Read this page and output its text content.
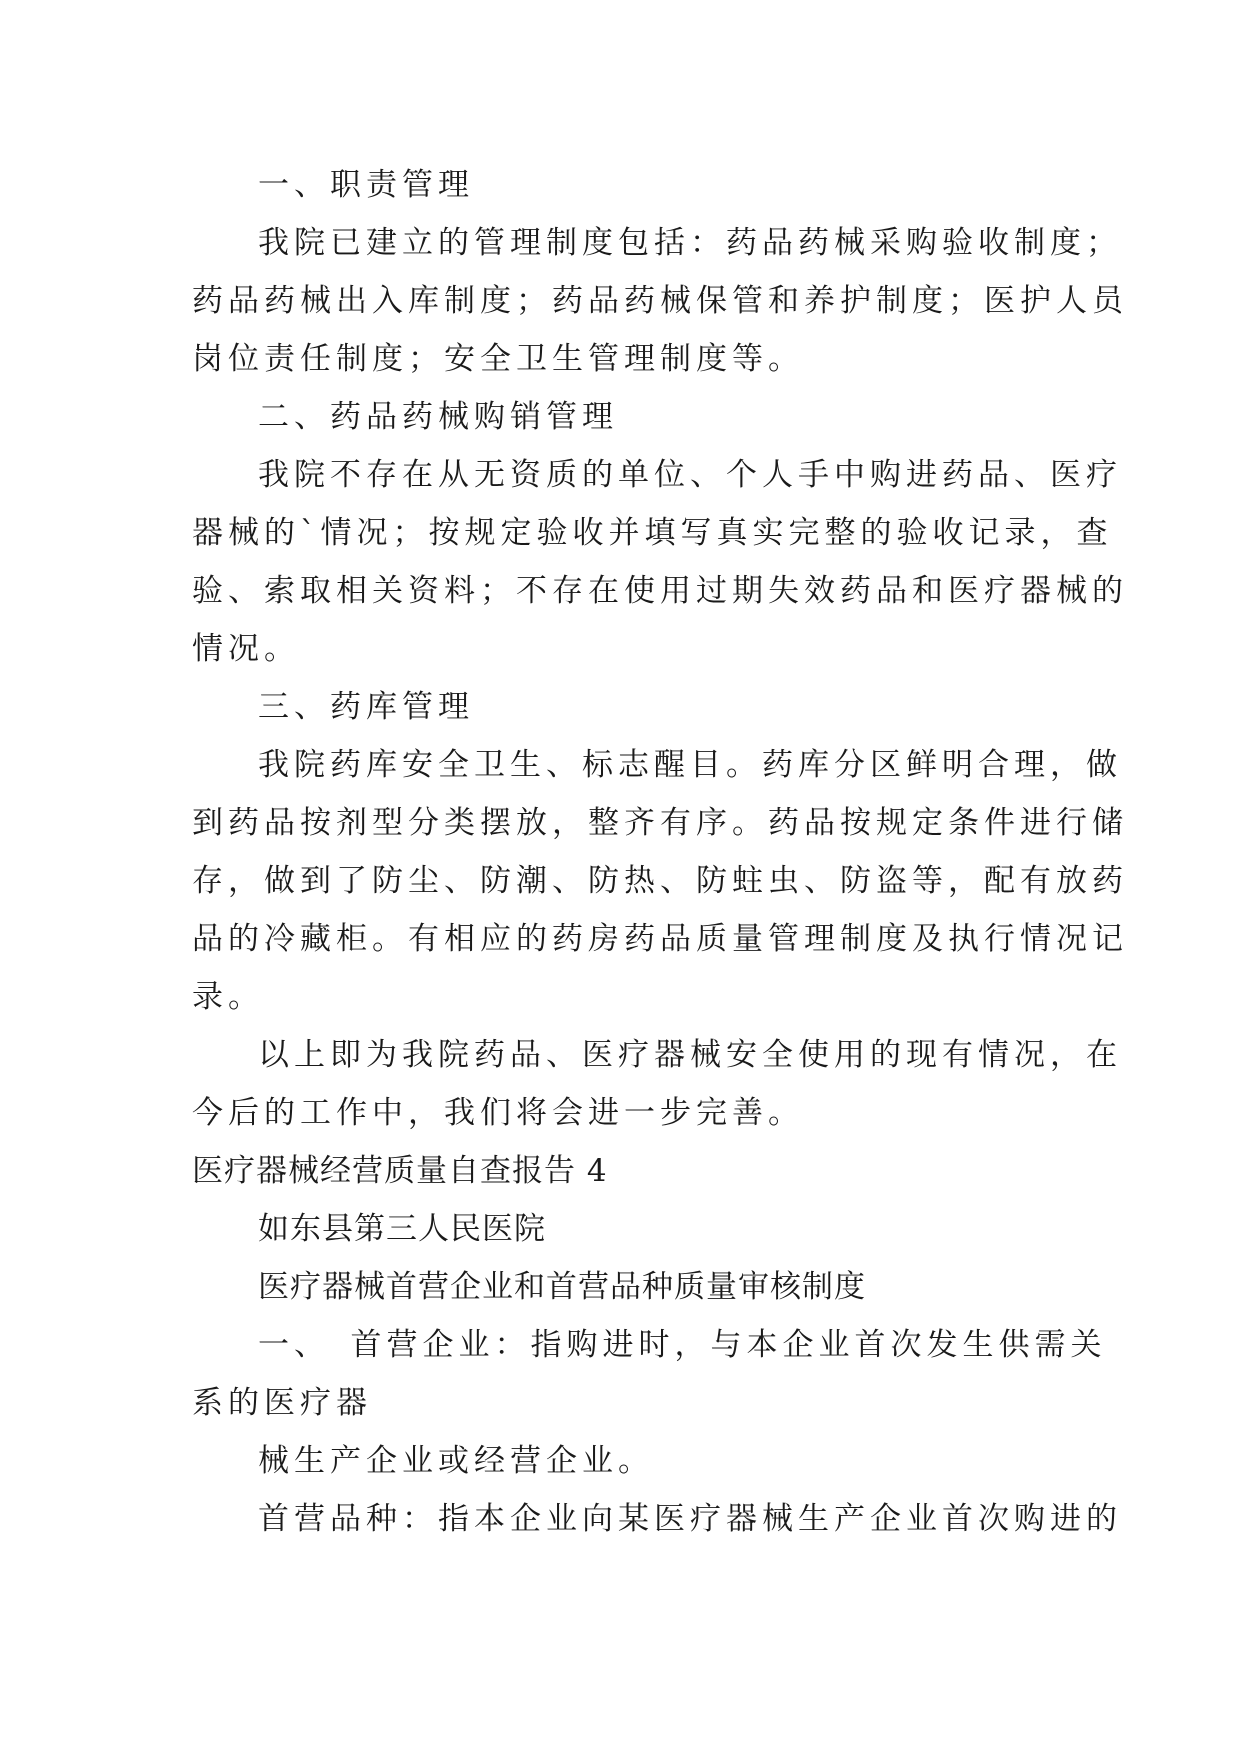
一、职责管理
我院已建立的管理制度包括：药品药械采购验收制度；
药品药械出入库制度；药品药械保管和养护制度；医护人员
岗位责任制度；安全卫生管理制度等。
二、药品药械购销管理
我院不存在从无资质的单位、个人手中购进药品、医疗
器械的`情况；按规定验收并填写真实完整的验收记录，查
验、索取相关资料；不存在使用过期失效药品和医疗器械的
情况。
三、药库管理
我院药库安全卫生、标志醒目。药库分区鲜明合理，做
到药品按剂型分类摆放，整齐有序。药品按规定条件进行储
存，做到了防尘、防潮、防热、防蛀虫、防盗等，配有放药
品的冷藏柜。有相应的药房药品质量管理制度及执行情况记
录。
以上即为我院药品、医疗器械安全使用的现有情况，在
今后的工作中，我们将会进一步完善。
医疗器械经营质量自查报告 4
如东县第三人民医院
医疗器械首营企业和首营品种质量审核制度
一、　首营企业：指购进时，与本企业首次发生供需关
系的医疗器
械生产企业或经营企业。
首营品种：指本企业向某医疗器械生产企业首次购进的
